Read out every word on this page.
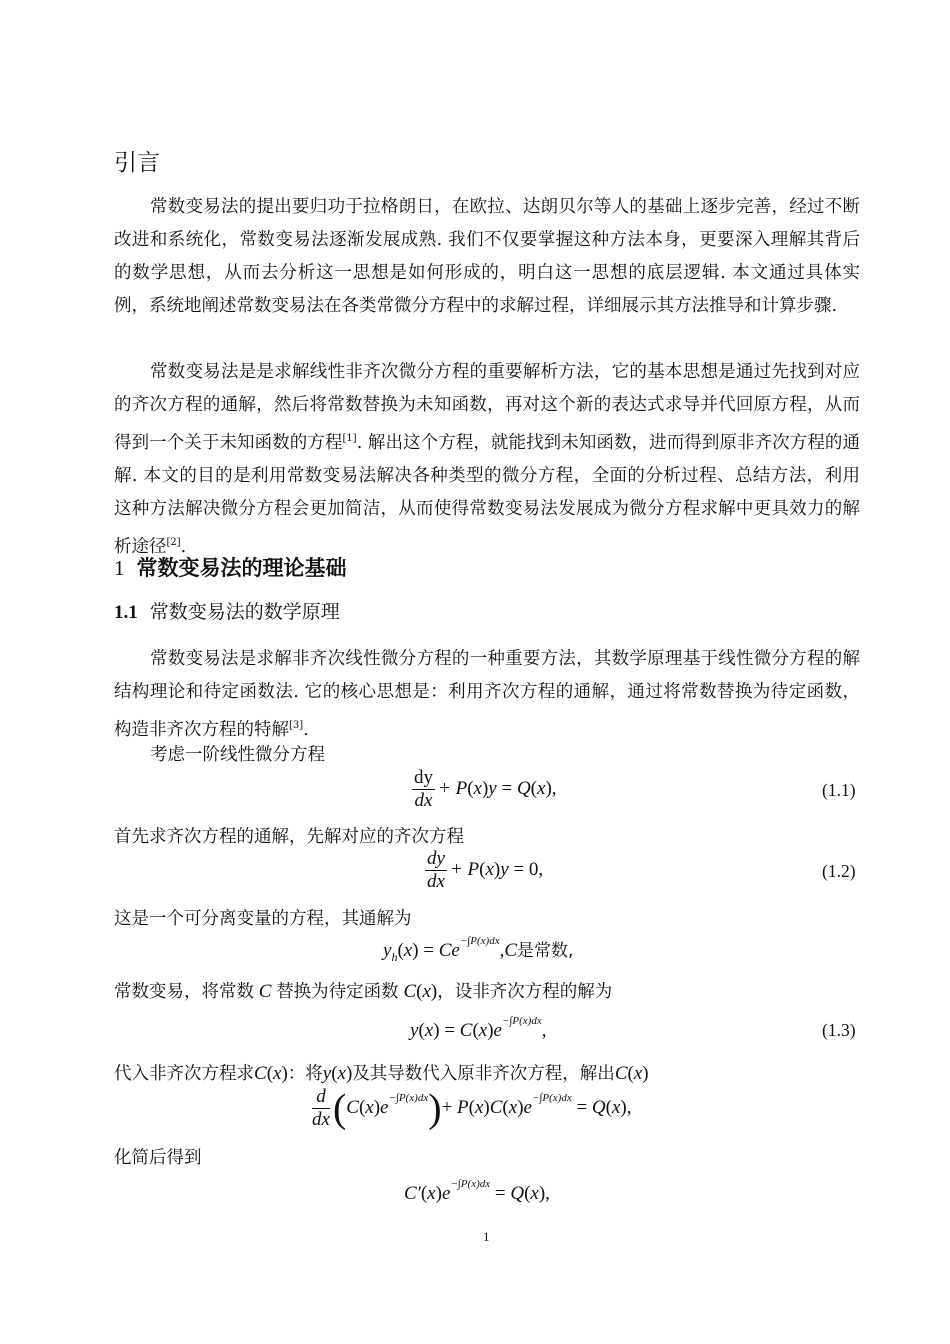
引言

常数变易法的提出要归功于拉格朗日，在欧拉、达朗贝尔等人的基础上逐步完善，经过不断改进和系统化，常数变易法逐渐发展成熟. 我们不仅要掌握这种方法本身，更要深入理解其背后的数学思想，从而去分析这一思想是如何形成的，明白这一思想的底层逻辑. 本文通过具体实例，系统地阐述常数变易法在各类常微分方程中的求解过程，详细展示其方法推导和计算步骤.

常数变易法是是求解线性非齐次微分方程的重要解析方法，它的基本思想是通过先找到对应的齐次方程的通解，然后将常数替换为未知函数，再对这个新的表达式求导并代回原方程，从而得到一个关于未知函数的方程[1]. 解出这个方程，就能找到未知函数，进而得到原非齐次方程的通解. 本文的目的是利用常数变易法解决各种类型的微分方程，全面的分析过程、总结方法，利用这种方法解决微分方程会更加简洁，从而使得常数变易法发展成为微分方程求解中更具效力的解析途径[2].

1 常数变易法的理论基础
1.1 常数变易法的数学原理

常数变易法是求解非齐次线性微分方程的一种重要方法，其数学原理基于线性微分方程的解结构理论和待定函数法. 它的核心思想是：利用齐次方程的通解，通过将常数替换为待定函数，构造非齐次方程的特解[3].

考虑一阶线性微分方程

$\frac{dy}{dx} + P(x)y = Q(x)$,	(1.1)

首先求齐次方程的通解，先解对应的齐次方程

$\frac{dy}{dx} + P(x)y = 0$,	(1.2)

这是一个可分离变量的方程，其通解为

$y_h(x) = Ce^{-\int P(x)dx},C$是常数,

常数变易，将常数 C 替换为待定函数 C(x)，设非齐次方程的解为

$y(x) = C(x)e^{-\int P(x)dx}$,	(1.3)

代入非齐次方程求C(x)：将y(x)及其导数代入原非齐次方程，解出C(x)

$\frac{d}{dx} (C(x)e^{-\int P(x)dx})+ P(x)C(x)e^{-\int P(x)dx} = Q(x)$,

化简后得到

$C'(x)e^{-\int P(x)dx} = Q(x)$,
1
